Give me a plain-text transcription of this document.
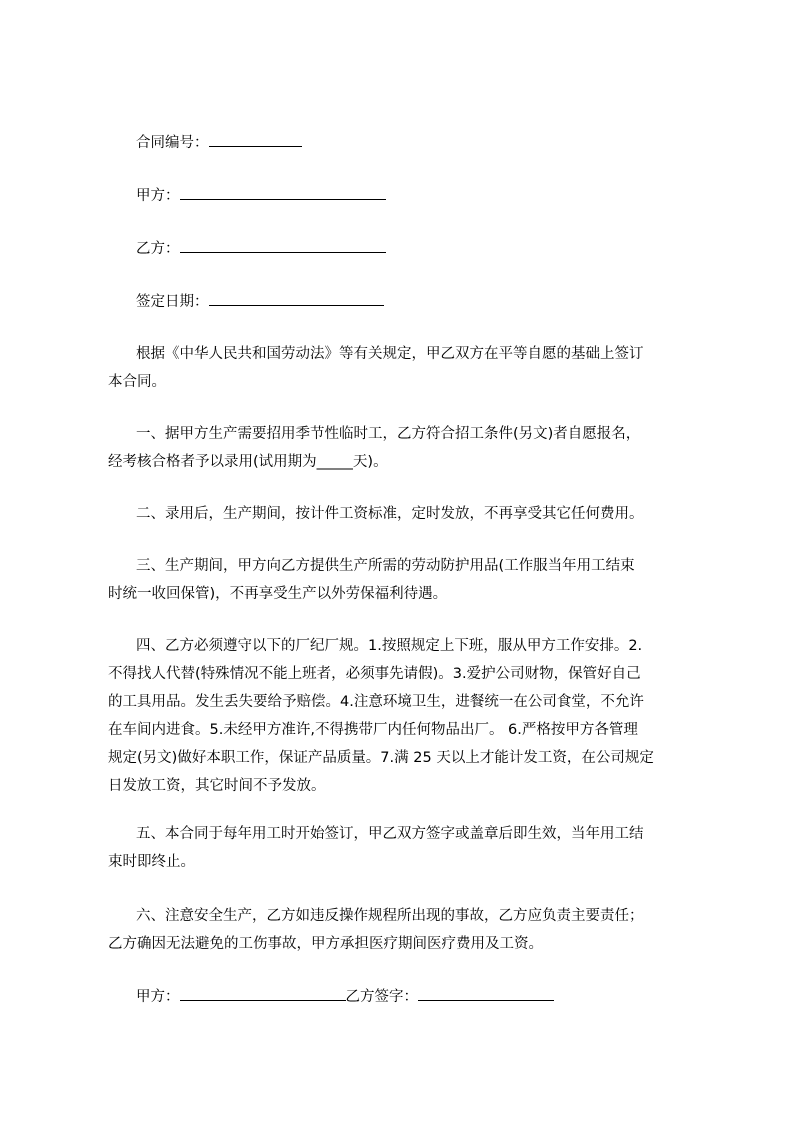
合同编号：
甲方：
乙方：
签定日期：
根据《中华人民共和国劳动法》等有关规定，甲乙双方在平等自愿的基础上签订
本合同。
一、据甲方生产需要招用季节性临时工，乙方符合招工条件(另文)者自愿报名，
经考核合格者予以录用(试用期为_____天)。
二、录用后，生产期间，按计件工资标准，定时发放，不再享受其它任何费用。
三、生产期间，甲方向乙方提供生产所需的劳动防护用品(工作服当年用工结束
时统一收回保管)，不再享受生产以外劳保福利待遇。
四、乙方必须遵守以下的厂纪厂规。1.按照规定上下班，服从甲方工作安排。2.
不得找人代替(特殊情况不能上班者，必须事先请假)。3.爱护公司财物，保管好自己
的工具用品。发生丢失要给予赔偿。4.注意环境卫生，进餐统一在公司食堂，不允许
在车间内进食。5.未经甲方准许,不得携带厂内任何物品出厂。 6.严格按甲方各管理
规定(另文)做好本职工作，保证产品质量。7.满 25 天以上才能计发工资，在公司规定
日发放工资，其它时间不予发放。
五、本合同于每年用工时开始签订，甲乙双方签字或盖章后即生效，当年用工结
束时即终止。
六、注意安全生产，乙方如违反操作规程所出现的事故，乙方应负责主要责任；
乙方确因无法避免的工伤事故，甲方承担医疗期间医疗费用及工资。
甲方：	乙方签字：
